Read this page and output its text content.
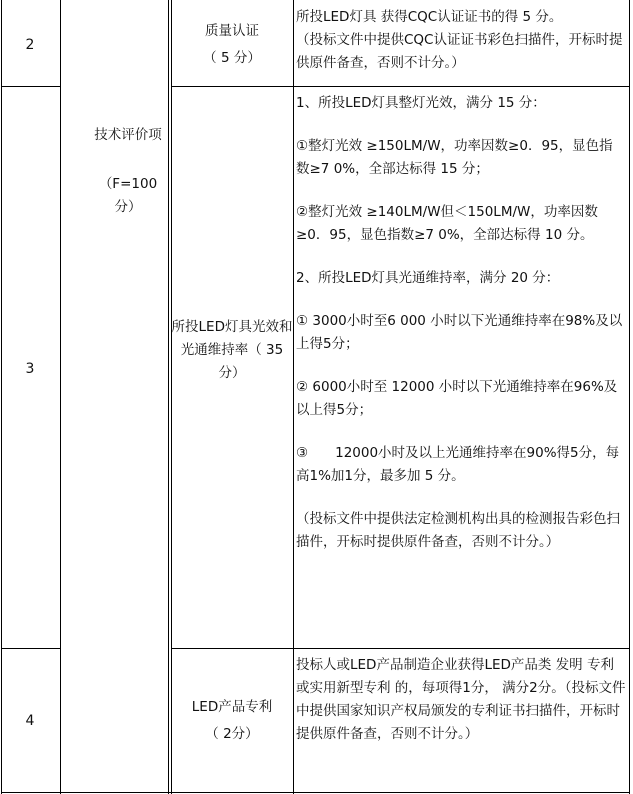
2

质量认证

（ 5 分）

所投LED灯具 获得CQC认证证书的得 5 分。

（投标文件中提供CQC认证证书彩色扫描件，开标时提供原件备查，否则不计分。）

3

技术评价项

（F=100分）

所投LED灯具光效和光通维持率（ 35 分）

1、所投LED灯具整灯光效，满分 15 分：

①整灯光效 ≥150LM/W，功率因数≥0．95，显色指数≥7 0%，全部达标得 15 分；

②整灯光效 ≥140LM/W但＜150LM/W，功率因数≥0．95，显色指数≥7 0%，全部达标得 10 分。

2、所投LED灯具光通维持率，满分 20 分：

① 3000小时至6 000 小时以下光通维持率在98%及以上得5分；

② 6000小时至 12000 小时以下光通维持率在96%及以上得5分；

③　　12000小时及以上光通维持率在90%得5分，每高1%加1分，最多加 5 分。

（投标文件中提供法定检测机构出具的检测报告彩色扫描件，开标时提供原件备查，否则不计分。）

4

LED产品专利

（ 2分）

投标人或LED产品制造企业获得LED产品类 发明 专利 或实用新型专利 的，每项得1分， 满分2分。（投标文件中提供国家知识产权局颁发的专利证书扫描件，开标时提供原件备查，否则不计分。）
